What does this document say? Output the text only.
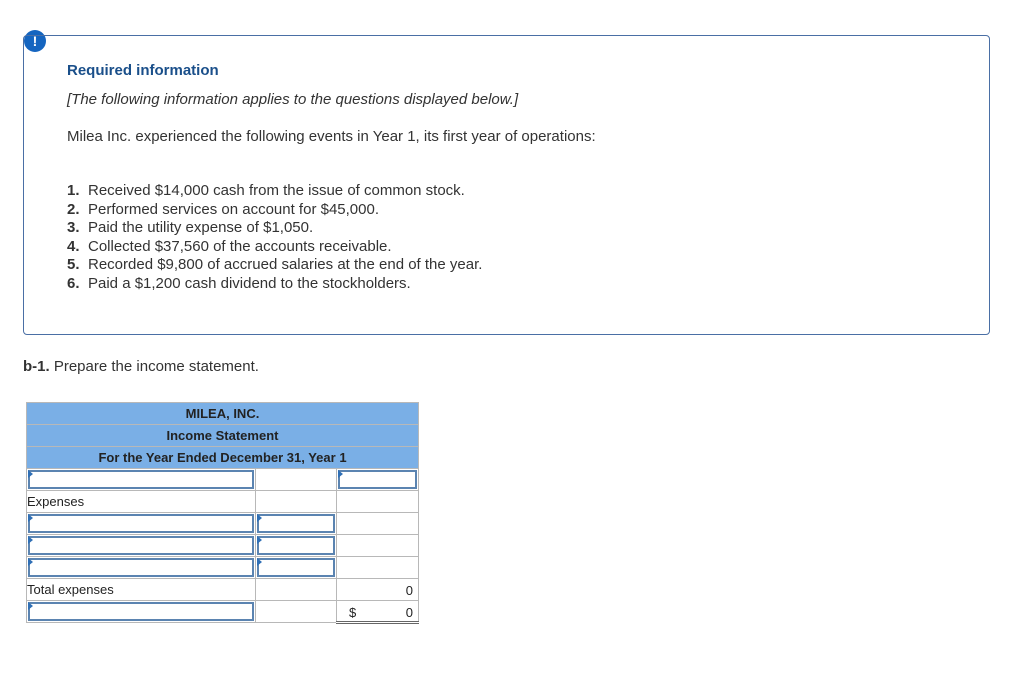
!
Required information
[The following information applies to the questions displayed below.]
Milea Inc. experienced the following events in Year 1, its first year of operations:
1. Received $14,000 cash from the issue of common stock.
2. Performed services on account for $45,000.
3. Paid the utility expense of $1,050.
4. Collected $37,560 of the accounts receivable.
5. Recorded $9,800 of accrued salaries at the end of the year.
6. Paid a $1,200 cash dividend to the stockholders.
b-1. Prepare the income statement.
MILEA, INC.		
Income Statement		
For the Year Ended December 31, Year 1		

Expenses		

Total expenses		0

		$ 0
